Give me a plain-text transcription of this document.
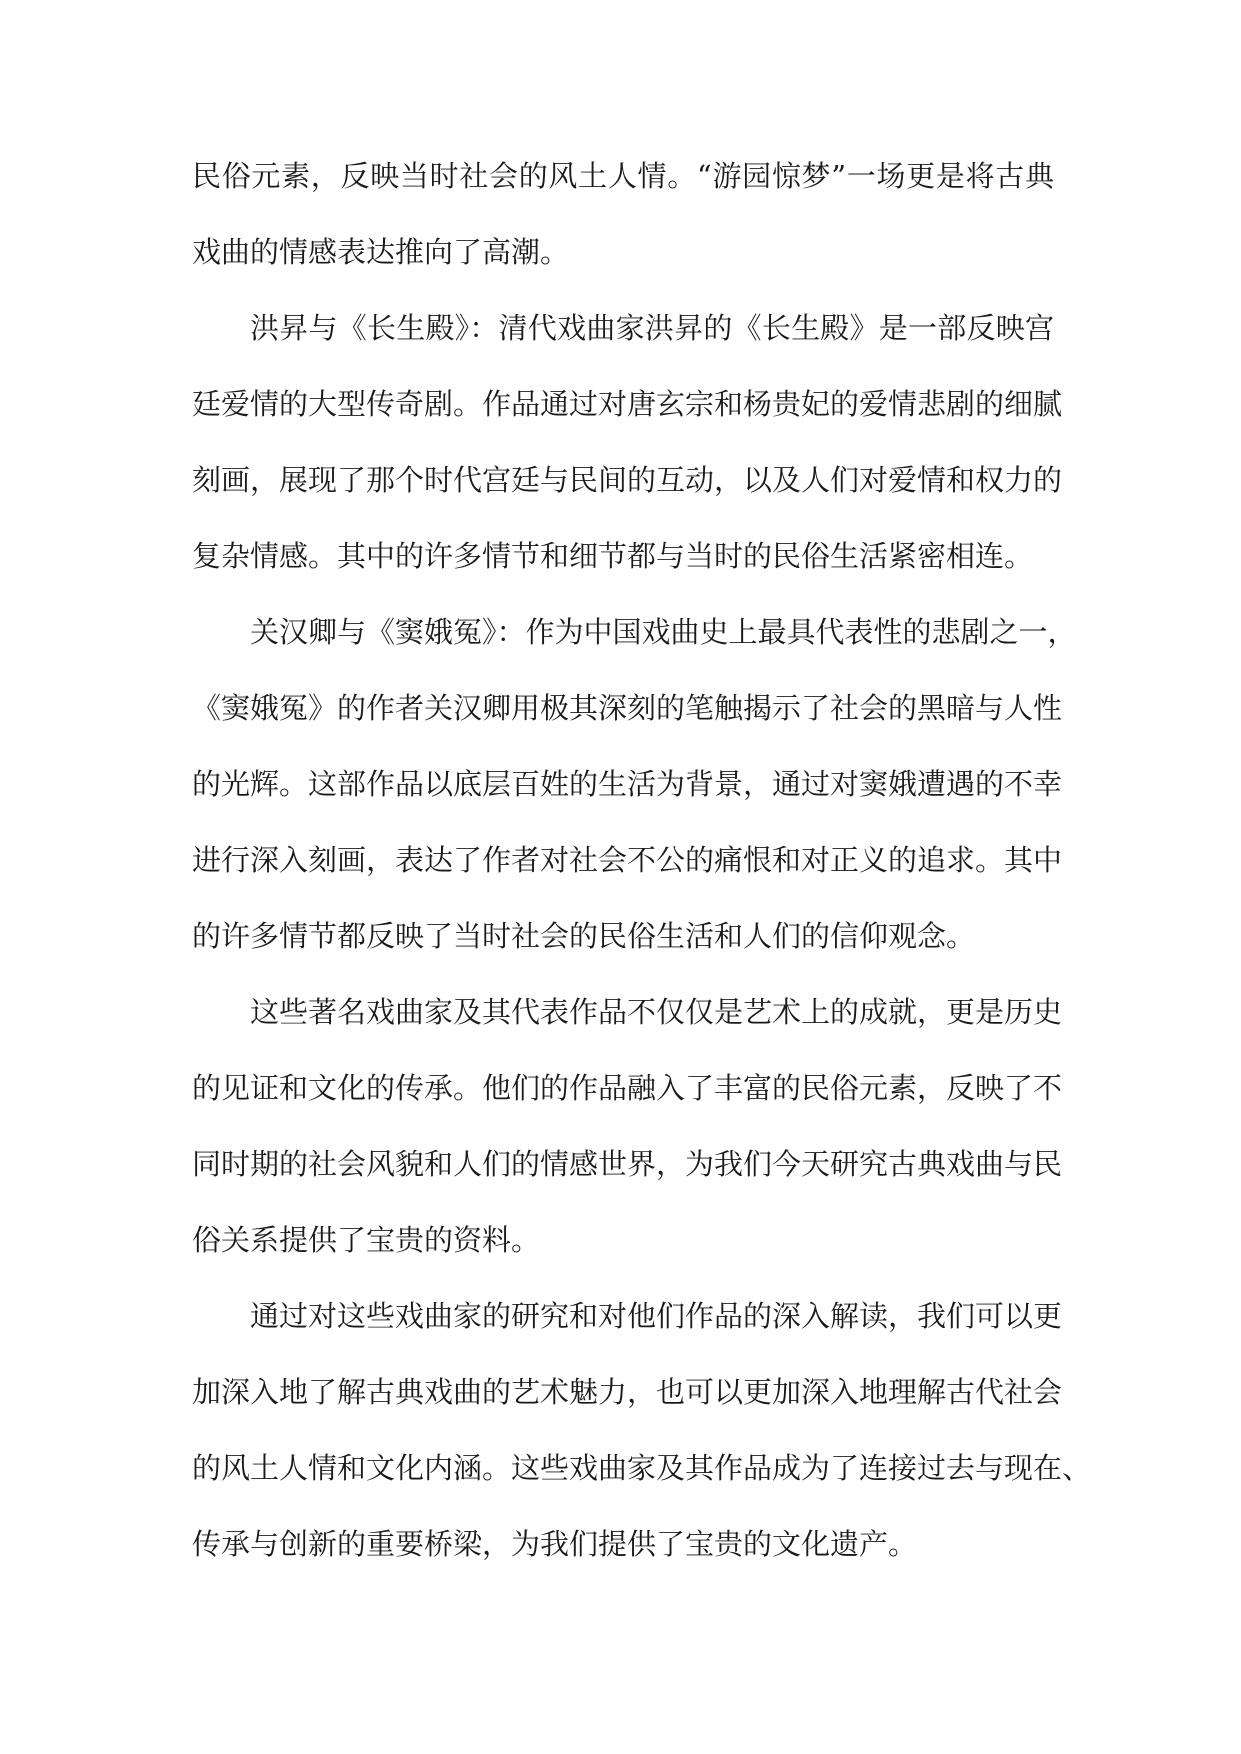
民俗元素，反映当时社会的风土人情。“游园惊梦”一场更是将古典
戏曲的情感表达推向了高潮。
洪昇与《长生殿》：清代戏曲家洪昇的《长生殿》是一部反映宫
廷爱情的大型传奇剧。作品通过对唐玄宗和杨贵妃的爱情悲剧的细腻
刻画，展现了那个时代宫廷与民间的互动，以及人们对爱情和权力的
复杂情感。其中的许多情节和细节都与当时的民俗生活紧密相连。
关汉卿与《窦娥冤》：作为中国戏曲史上最具代表性的悲剧之一，
《窦娥冤》的作者关汉卿用极其深刻的笔触揭示了社会的黑暗与人性
的光辉。这部作品以底层百姓的生活为背景，通过对窦娥遭遇的不幸
进行深入刻画，表达了作者对社会不公的痛恨和对正义的追求。其中
的许多情节都反映了当时社会的民俗生活和人们的信仰观念。
这些著名戏曲家及其代表作品不仅仅是艺术上的成就，更是历史
的见证和文化的传承。他们的作品融入了丰富的民俗元素，反映了不
同时期的社会风貌和人们的情感世界，为我们今天研究古典戏曲与民
俗关系提供了宝贵的资料。
通过对这些戏曲家的研究和对他们作品的深入解读，我们可以更
加深入地了解古典戏曲的艺术魅力，也可以更加深入地理解古代社会
的风土人情和文化内涵。这些戏曲家及其作品成为了连接过去与现在、
传承与创新的重要桥梁，为我们提供了宝贵的文化遗产。
